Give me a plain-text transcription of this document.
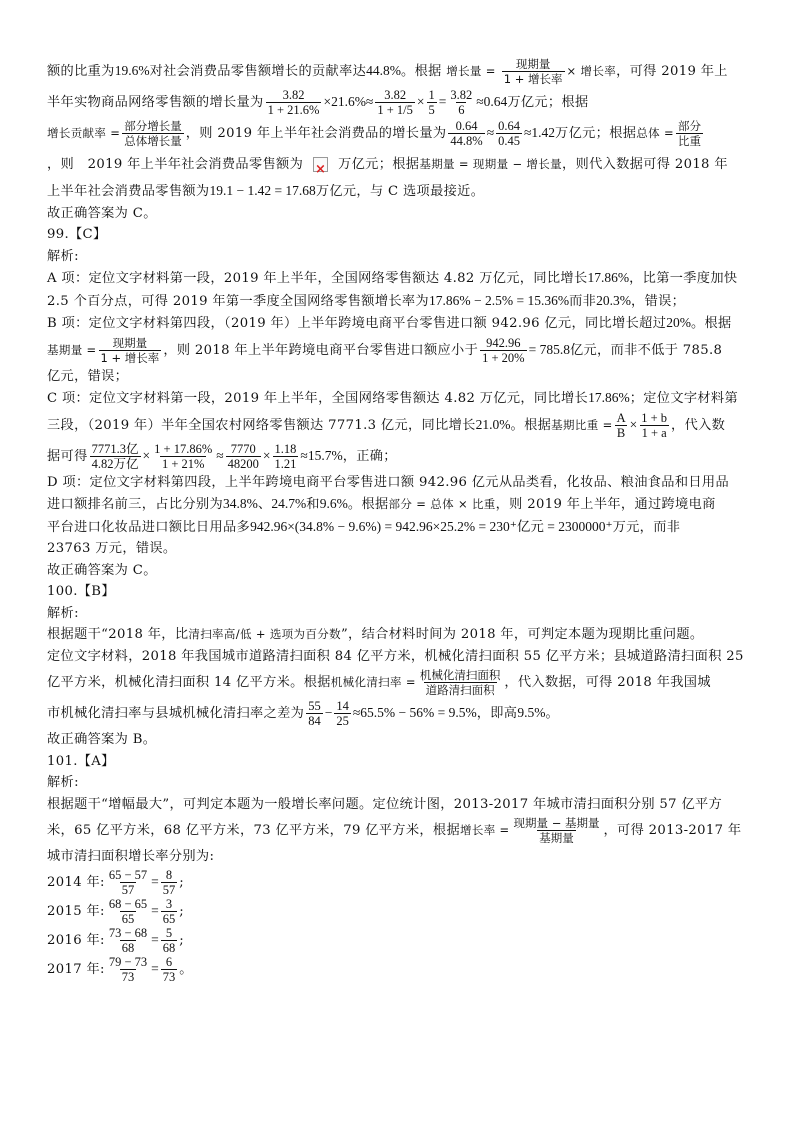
额的比重为19.6%对社会消费品零售额增长的贡献率达44.8%。根据 增长量 = $\frac{\text{现期量}}{\text{1 + 增长率}}$ × 增长率，可得 2019 年上
半年实物商品网络零售额的增长量为 $\frac{3.82}{1 + 21.6\%} \times 21.6\%\approx \frac{3.82}{1 + 1/5} \times \frac{1}{5} = \frac{3.82}{6} \approx 0.64$万亿元；根据
增长贡献率 = $\frac{\text{部分增长量}}{\text{总体增长量}}$ ，则 2019 年上半年社会消费品的增长量为 $\frac{0.64}{44.8\%} \approx \frac{0.64}{0.45} \approx 1.42$万亿元；根据总体 = $\frac{\text{部分}}{\text{比重}}$
，则　2019 年上半年社会消费品零售额为×	万亿元；根据基期量 = 现期量 − 增长量，则代入数据可得 2018 年
上半年社会消费品零售额为19.1 − 1.42 = 17.68万亿元，与 C 选项最接近。
故正确答案为 C。
99.【C】
解析:
A 项：定位文字材料第一段，2019 年上半年，全国网络零售额达 4.82 万亿元，同比增长17.86%，比第一季度加快
2.5 个百分点，可得 2019 年第一季度全国网络零售额增长率为17.86% − 2.5% = 15.36%而非20.3%，错误；
B 项：定位文字材料第四段，（2019 年）上半年跨境电商平台零售进口额 942.96 亿元，同比增长超过20%。根据
基期量 = $\frac{\text{现期量}}{\text{1 + 增长率}}$ ，则 2018 年上半年跨境电商平台零售进口额应小于 $\frac{942.96}{1 + 20\%} = 785.8$亿元，而非不低于 785.8
亿元，错误；
C 项：定位文字材料第一段，2019 年上半年，全国网络零售额达 4.82 万亿元，同比增长17.86%；定位文字材料第
三段，（2019 年）半年全国农村网络零售额达 7771.3 亿元，同比增长21.0%。根据基期比重 = $\frac{A}{B} \times \frac{1 + b}{1 + a}$ ，代入数
据可得 $\frac{\text{7771.3亿}}{\text{4.82万亿}} \times \frac{1 + 17.86\%}{1 + 21\%} \approx \frac{7770}{48200} \times \frac{1.18}{1.21} \approx 15.7\%$，正确；
D 项：定位文字材料第四段，上半年跨境电商平台零售进口额 942.96 亿元从品类看，化妆品、粮油食品和日用品
进口额排名前三，占比分别为34.8%、24.7%和9.6%。根据部分 = 总体 × 比重，则 2019 年上半年，通过跨境电商
平台进口化妆品进口额比日用品多942.96×(34.8% − 9.6%) = 942.96×25.2% = 230⁺亿元 = 2300000⁺万元，而非
23763 万元，错误。
故正确答案为 C。
100.【B】
解析:
根据题干“2018 年，比清扫率高/低 + 选项为百分数”，结合材料时间为 2018 年，可判定本题为现期比重问题。
定位文字材料，2018 年我国城市道路清扫面积 84 亿平方米，机械化清扫面积 55 亿平方米；县城道路清扫面积 25
亿平方米，机械化清扫面积 14 亿平方米。根据机械化清扫率 = $\frac{\text{机械化清扫面积}}{\text{道路清扫面积}}$ ，代入数据，可得 2018 年我国城
市机械化清扫率与县城机械化清扫率之差为 $\frac{55}{84} - \frac{14}{25} \approx 65.5\% - 56\% = 9.5\%$，即高9.5%。
故正确答案为 B。
101.【A】
解析:
根据题干“增幅最大”，可判定本题为一般增长率问题。定位统计图，2013-2017 年城市清扫面积分别 57 亿平方
米，65 亿平方米，68 亿平方米，73 亿平方米，79 亿平方米，根据增长率 = $\frac{\text{现期量 − 基期量}}{\text{基期量}}$ ，可得 2013-2017 年
城市清扫面积增长率分别为:
2014 年: $\frac{65 - 57}{57} = \frac{8}{57}$ ;
2015 年: $\frac{68 - 65}{65} = \frac{3}{65}$ ;
2016 年: $\frac{73 - 68}{68} = \frac{5}{68}$ ;
2017 年: $\frac{79 - 73}{73} = \frac{6}{73}$ 。
